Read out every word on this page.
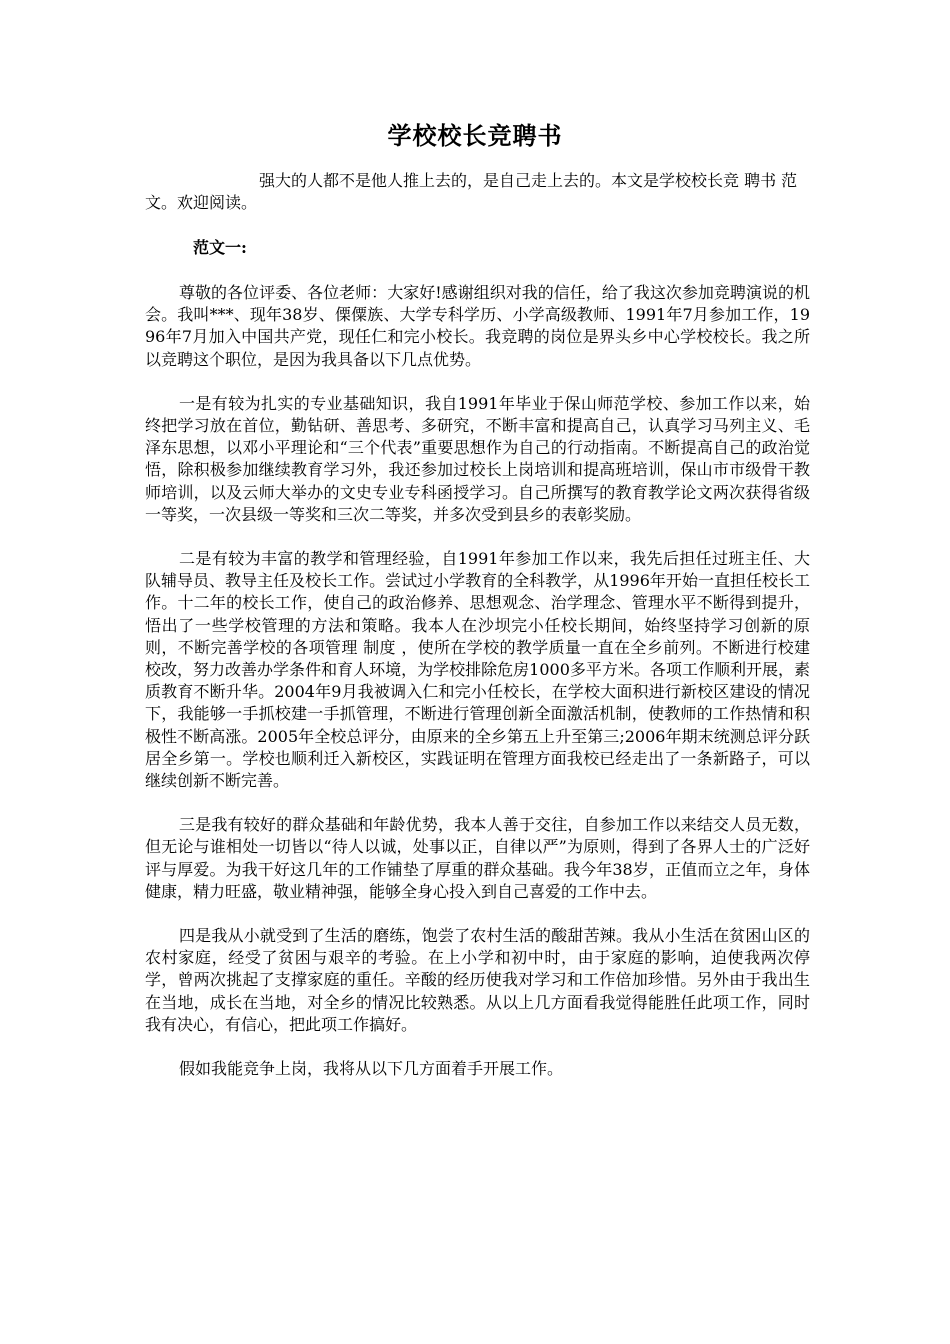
学校校长竞聘书
强大的人都不是他人推上去的，是自己走上去的。本文是学校校长竞 聘书 范文。欢迎阅读。
范文一:

尊敬的各位评委、各位老师：大家好!感谢组织对我的信任，给了我这次参加竞聘演说的机会。我叫***、现年38岁、傈僳族、大学专科学历、小学高级教师、1991年7月参加工作，1996年7月加入中国共产党，现任仁和完小校长。我竞聘的岗位是界头乡中心学校校长。我之所以竞聘这个职位，是因为我具备以下几点优势。

一是有较为扎实的专业基础知识，我自1991年毕业于保山师范学校、参加工作以来，始终把学习放在首位，勤钻研、善思考、多研究，不断丰富和提高自己，认真学习马列主义、毛泽东思想，以邓小平理论和“三个代表”重要思想作为自己的行动指南。不断提高自己的政治觉悟，除积极参加继续教育学习外，我还参加过校长上岗培训和提高班培训，保山市市级骨干教师培训，以及云师大举办的文史专业专科函授学习。自己所撰写的教育教学论文两次获得省级一等奖，一次县级一等奖和三次二等奖，并多次受到县乡的表彰奖励。

二是有较为丰富的教学和管理经验，自1991年参加工作以来，我先后担任过班主任、大队辅导员、教导主任及校长工作。尝试过小学教育的全科教学，从1996年开始一直担任校长工作。十二年的校长工作，使自己的政治修养、思想观念、治学理念、管理水平不断得到提升，悟出了一些学校管理的方法和策略。我本人在沙坝完小任校长期间，始终坚持学习创新的原则，不断完善学校的各项管理 制度 ，使所在学校的教学质量一直在全乡前列。不断进行校建校改，努力改善办学条件和育人环境，为学校排除危房1000多平方米。各项工作顺利开展，素质教育不断升华。2004年9月我被调入仁和完小任校长，在学校大面积进行新校区建设的情况下，我能够一手抓校建一手抓管理，不断进行管理创新全面激活机制，使教师的工作热情和积极性不断高涨。2005年全校总评分，由原来的全乡第五上升至第三;2006年期末统测总评分跃居全乡第一。学校也顺利迁入新校区，实践证明在管理方面我校已经走出了一条新路子，可以继续创新不断完善。

三是我有较好的群众基础和年龄优势，我本人善于交往，自参加工作以来结交人员无数，但无论与谁相处一切皆以“待人以诚，处事以正，自律以严”为原则，得到了各界人士的广泛好评与厚爱。为我干好这几年的工作铺垫了厚重的群众基础。我今年38岁，正值而立之年，身体健康，精力旺盛，敬业精神强，能够全身心投入到自己喜爱的工作中去。

四是我从小就受到了生活的磨练，饱尝了农村生活的酸甜苦辣。我从小生活在贫困山区的农村家庭，经受了贫困与艰辛的考验。在上小学和初中时，由于家庭的影响，迫使我两次停学，曾两次挑起了支撑家庭的重任。辛酸的经历使我对学习和工作倍加珍惜。另外由于我出生在当地，成长在当地，对全乡的情况比较熟悉。从以上几方面看我觉得能胜任此项工作，同时我有决心，有信心，把此项工作搞好。

假如我能竞争上岗，我将从以下几方面着手开展工作。
